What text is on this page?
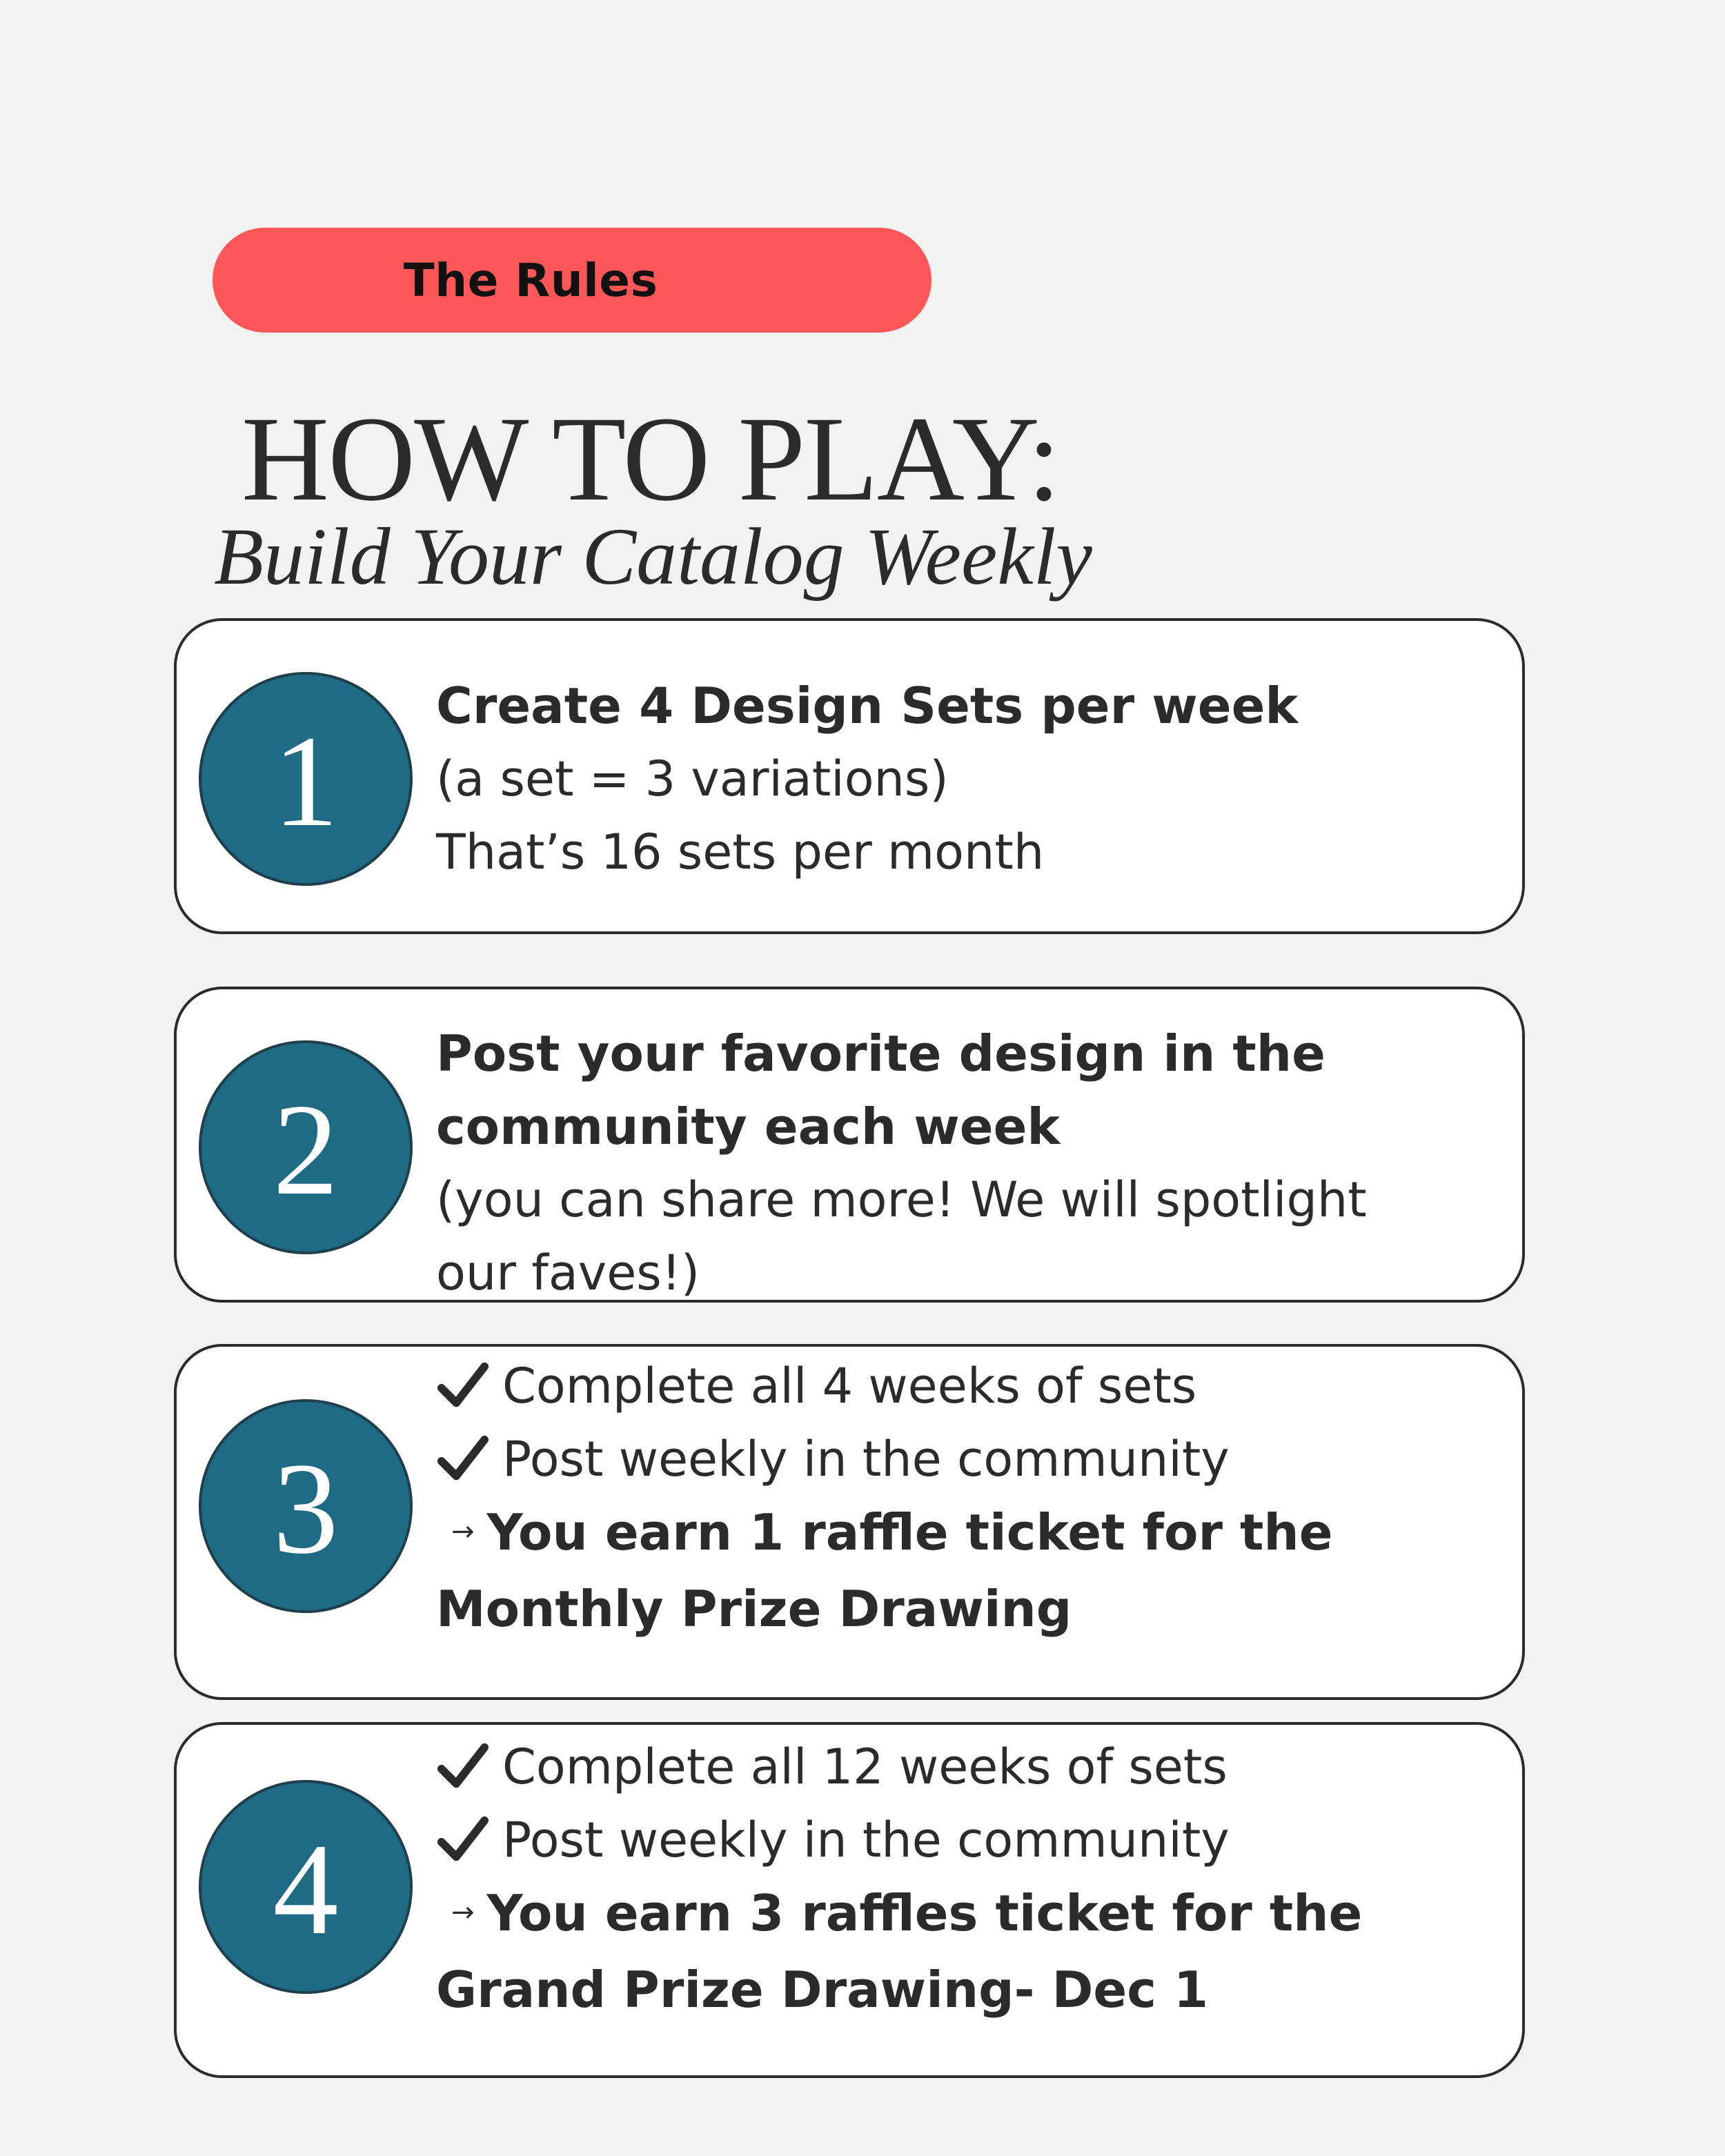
The Rules
HOW TO PLAY:
Build Your Catalog Weekly
1
Create 4 Design Sets per week
(a set = 3 variations)
That’s 16 sets per month
2
Post your favorite design in the
community each week
(you can share more! We will spotlight
our faves!)
3
Complete all 4 weeks of sets
Post weekly in the community
→ You earn 1 raffle ticket for the
Monthly Prize Drawing
4
Complete all 12 weeks of sets
Post weekly in the community
→ You earn 3 raffles ticket for the
Grand Prize Drawing- Dec 1
